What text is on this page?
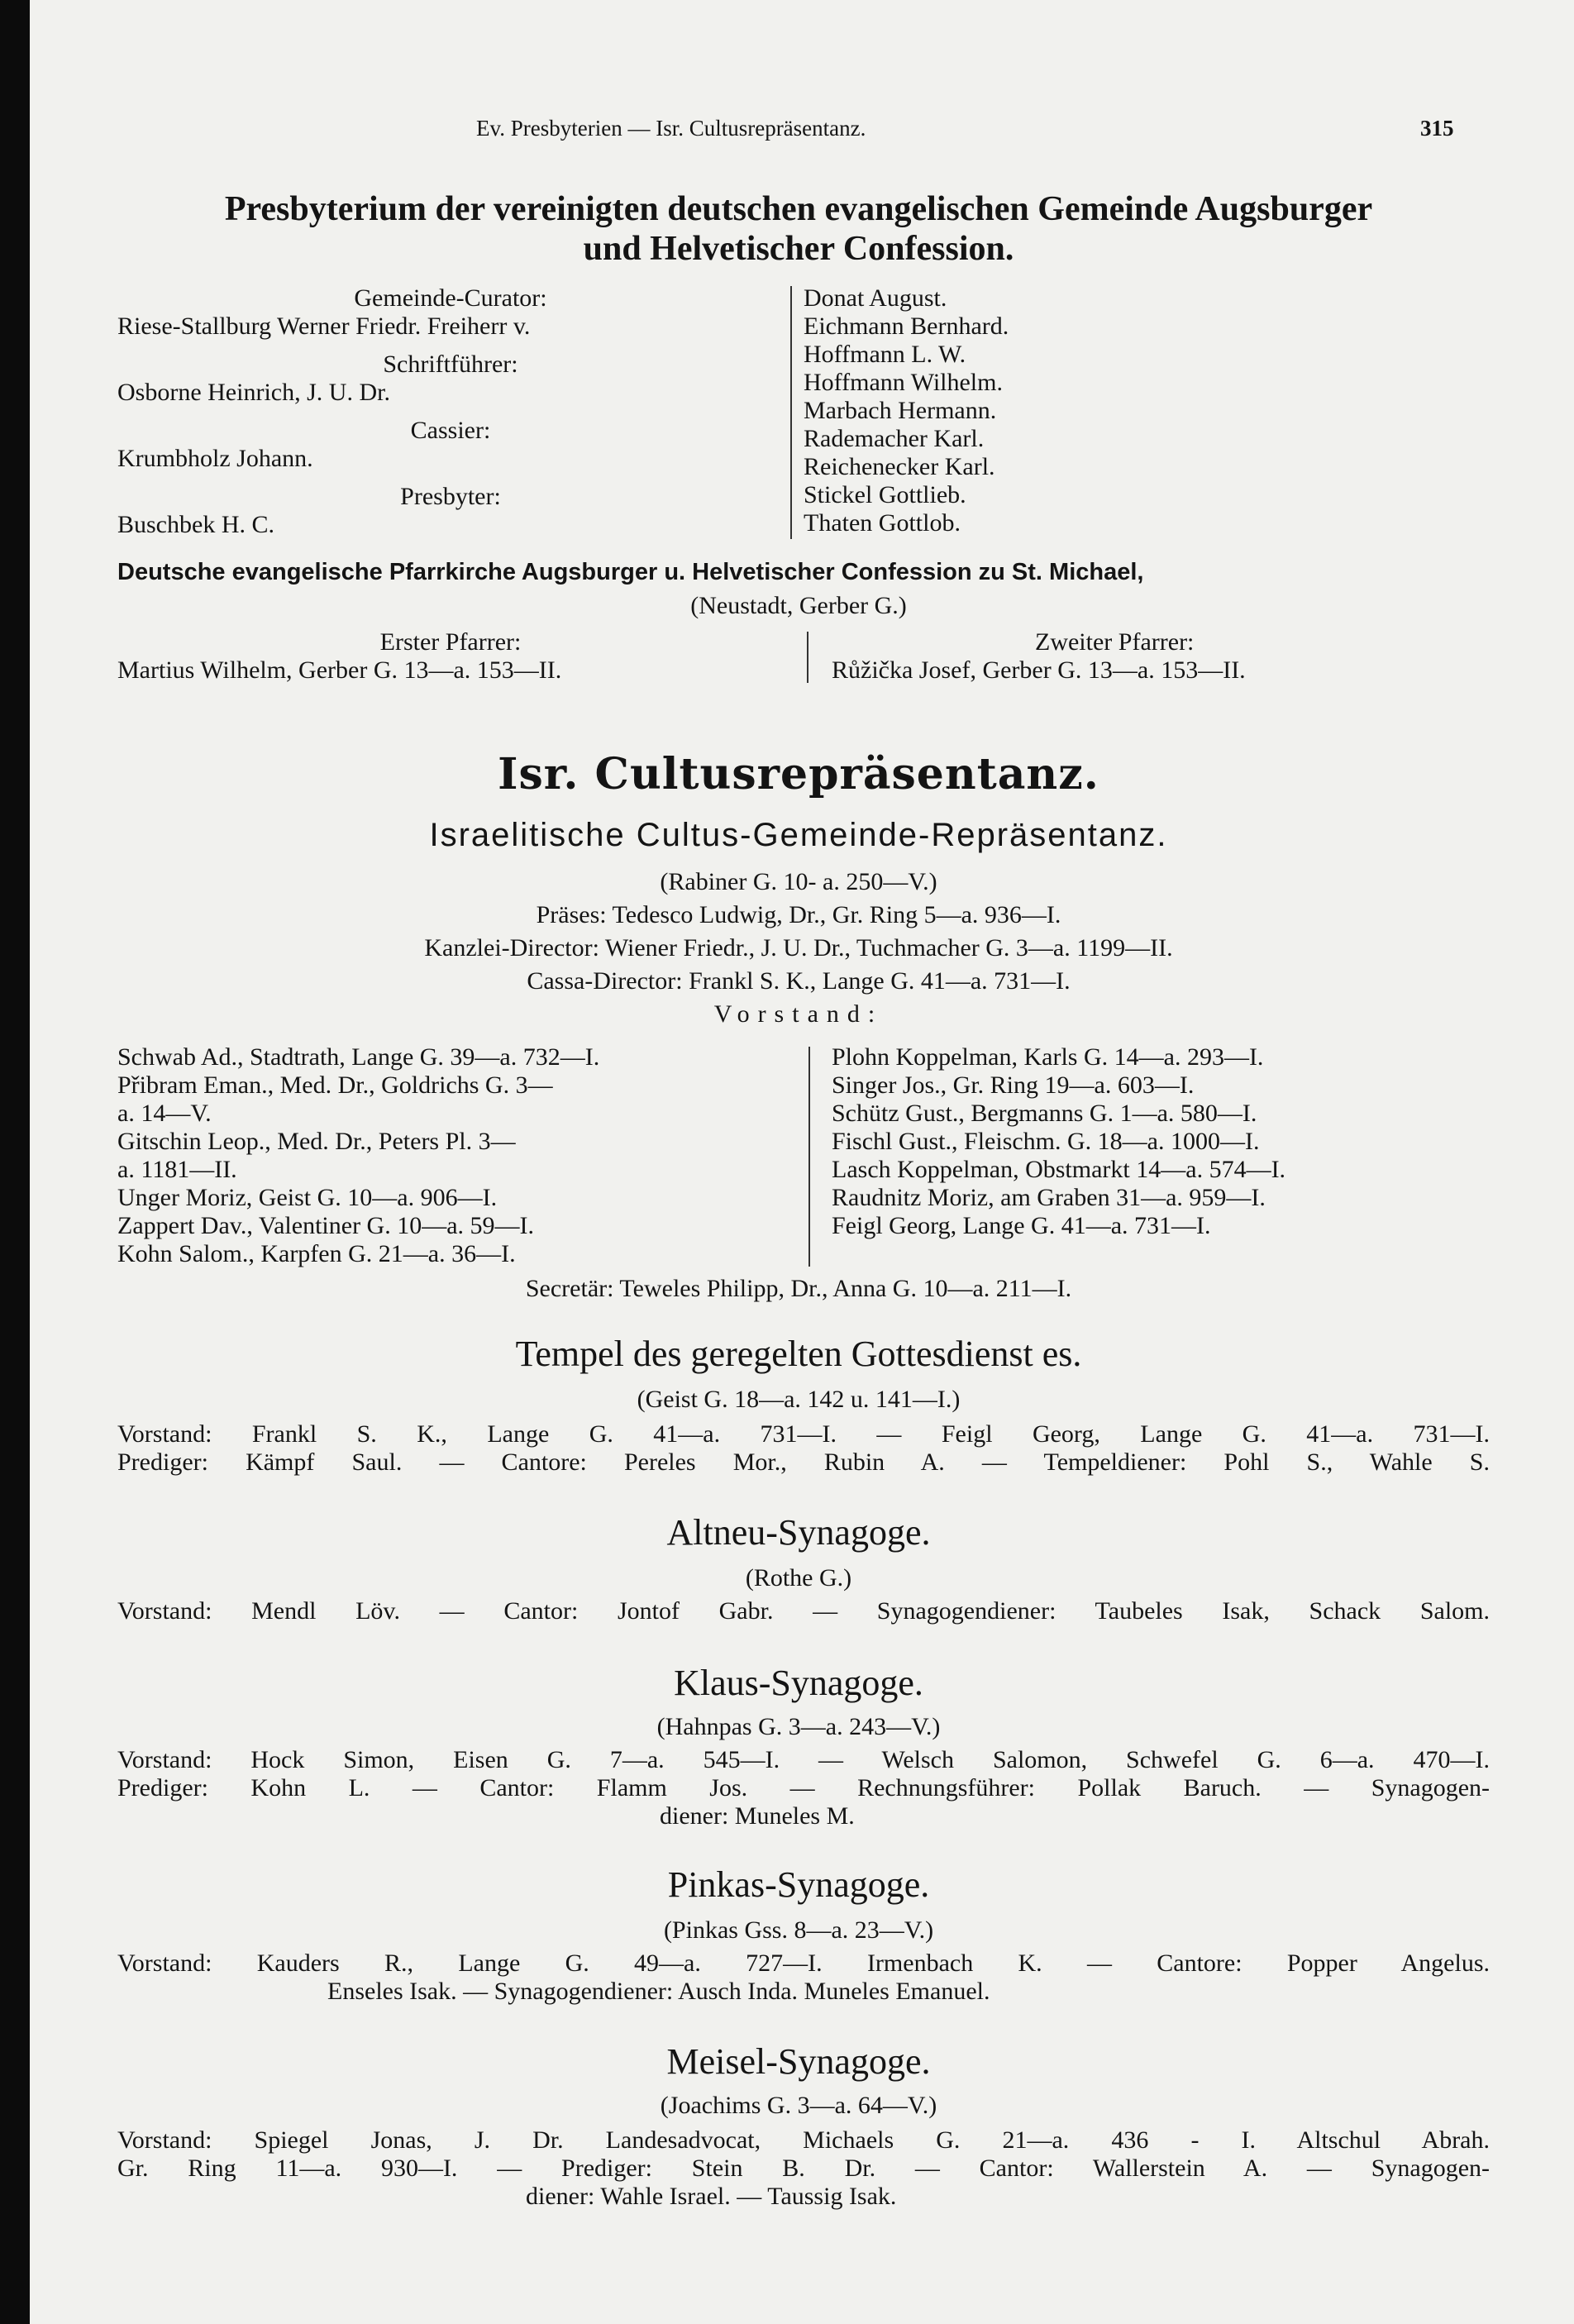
Ev. Presbyterien — Isr. Cultusrepräsentanz.	315
Presbyterium der vereinigten deutschen evangelischen Gemeinde Augsburger
und Helvetischer Confession.
Gemeinde-Curator:
Riese-Stallburg Werner Friedr. Freiherr v.
Schriftführer:
Osborne Heinrich, J. U. Dr.
Cassier:
Krumbholz Johann.
Presbyter:
Buschbek H. C.
Donat August.
Eichmann Bernhard.
Hoffmann L. W.
Hoffmann Wilhelm.
Marbach Hermann.
Rademacher Karl.
Reichenecker Karl.
Stickel Gottlieb.
Thaten Gottlob.
Deutsche evangelische Pfarrkirche Augsburger u. Helvetischer Confession zu St. Michael,
(Neustadt, Gerber G.)
Erster Pfarrer:
Martius Wilhelm, Gerber G. 13—a. 153—II.
Zweiter Pfarrer:
Růžička Josef, Gerber G. 13—a. 153—II.
Isr. Cultusrepräsentanz.
Israelitische Cultus-Gemeinde-Repräsentanz.
(Rabiner G. 10- a. 250—V.)
Präses: Tedesco Ludwig, Dr., Gr. Ring 5—a. 936—I.
Kanzlei-Director: Wiener Friedr., J. U. Dr., Tuchmacher G. 3—a. 1199—II.
Cassa-Director: Frankl S. K., Lange G. 41—a. 731—I.
Vorstand:
Schwab Ad., Stadtrath, Lange G. 39—a. 732—I.
Přibram Eman., Med. Dr., Goldrichs G. 3—
a. 14—V.
Gitschin Leop., Med. Dr., Peters Pl. 3—
a. 1181—II.
Unger Moriz, Geist G. 10—a. 906—I.
Zappert Dav., Valentiner G. 10—a. 59—I.
Kohn Salom., Karpfen G. 21—a. 36—I.
Plohn Koppelman, Karls G. 14—a. 293—I.
Singer Jos., Gr. Ring 19—a. 603—I.
Schütz Gust., Bergmanns G. 1—a. 580—I.
Fischl Gust., Fleischm. G. 18—a. 1000—I.
Lasch Koppelman, Obstmarkt 14—a. 574—I.
Raudnitz Moriz, am Graben 31—a. 959—I.
Feigl Georg, Lange G. 41—a. 731—I.
Secretär: Teweles Philipp, Dr., Anna G. 10—a. 211—I.
Tempel des geregelten Gottesdienst es.
(Geist G. 18—a. 142 u. 141—I.)
Vorstand: Frankl S. K., Lange G. 41—a. 731—I. — Feigl Georg, Lange G. 41—a. 731—I.
Prediger: Kämpf Saul. — Cantore: Pereles Mor., Rubin A. — Tempeldiener: Pohl S., Wahle S.
Altneu-Synagoge.
(Rothe G.)
Vorstand: Mendl Löv. — Cantor: Jontof Gabr. — Synagogendiener: Taubeles Isak, Schack Salom.
Klaus-Synagoge.
(Hahnpas G. 3—a. 243—V.)
Vorstand: Hock Simon, Eisen G. 7—a. 545—I. — Welsch Salomon, Schwefel G. 6—a. 470—I.
Prediger: Kohn L. — Cantor: Flamm Jos. — Rechnungsführer: Pollak Baruch. — Synagogen-
diener: Muneles M.
Pinkas-Synagoge.
(Pinkas Gss. 8—a. 23—V.)
Vorstand: Kauders R., Lange G. 49—a. 727—I. Irmenbach K. — Cantore: Popper Angelus.
Enseles Isak. — Synagogendiener: Ausch Inda. Muneles Emanuel.
Meisel-Synagoge.
(Joachims G. 3—a. 64—V.)
Vorstand: Spiegel Jonas, J. Dr. Landesadvocat, Michaels G. 21—a. 436 - I. Altschul Abrah.
Gr. Ring 11—a. 930—I. — Prediger: Stein B. Dr. — Cantor: Wallerstein A. — Synagogen-
diener: Wahle Israel. — Taussig Isak.
